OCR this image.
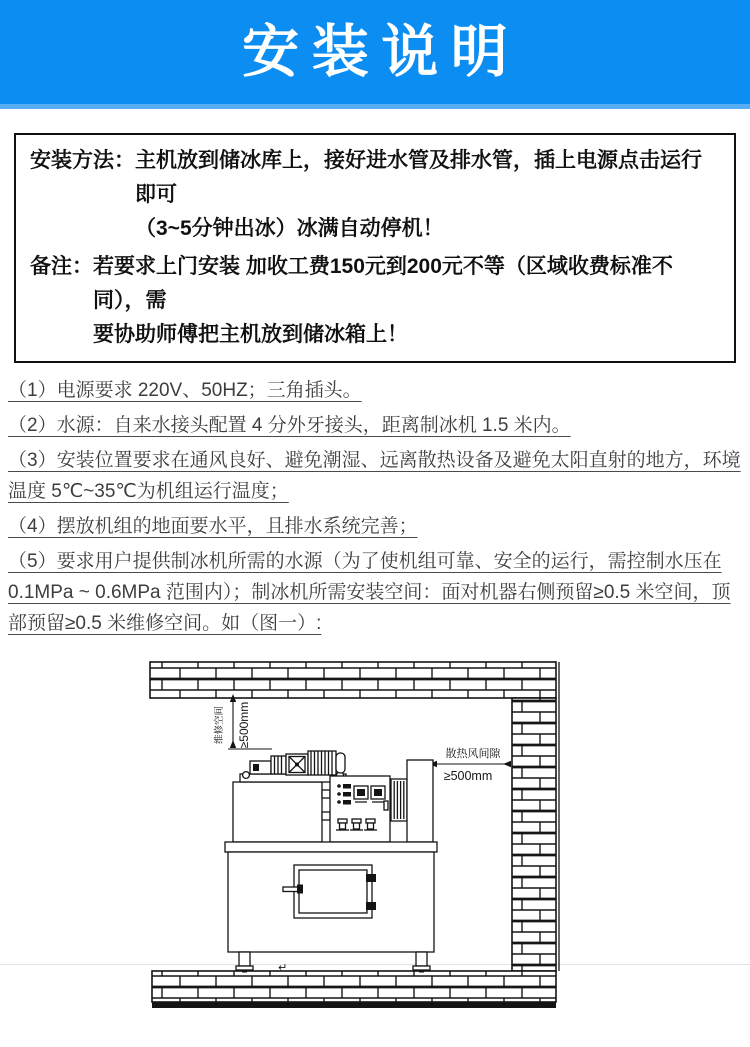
安装说明
安装方法： 主机放到储冰库上，接好进水管及排水管，插上电源点击运行即可
（3~5分钟出冰）冰满自动停机！
备注： 若要求上门安装 加收工费150元到200元不等（区域收费标准不同），需
要协助师傅把主机放到储冰箱上！

（1）电源要求 220V、50HZ；三角插头。

（2）水源：自来水接头配置 4 分外牙接头，距离制冰机 1.5 米内。

（3）安装位置要求在通风良好、避免潮湿、远离散热设备及避免太阳直射的地方，环境温度 5℃~35℃为机组运行温度；

（4）摆放机组的地面要水平，且排水系统完善；

（5）要求用户提供制冰机所需的水源（为了使机组可靠、安全的运行，需控制水压在 0.1MPa ~ 0.6MPa 范围内）；制冰机所需安装空间：面对机器右侧预留≥0.5 米空间，顶部预留≥0.5 米维修空间。如（图一）:

维修空间 ≥500mm
散热风间隙
≥500mm
↵
